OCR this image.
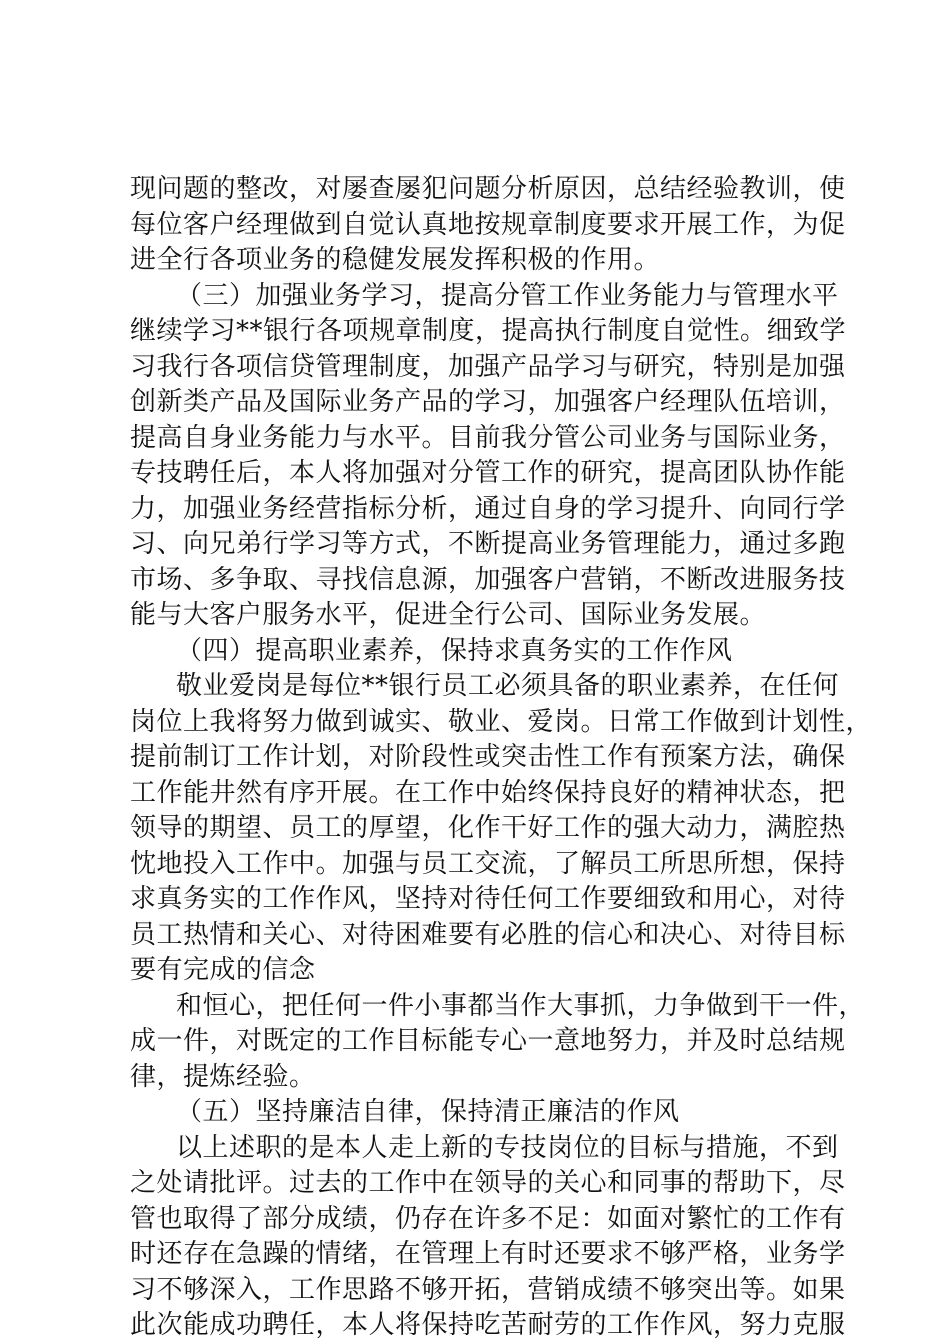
现问题的整改，对屡查屡犯问题分析原因，总结经验教训，使
每位客户经理做到自觉认真地按规章制度要求开展工作，为促
进全行各项业务的稳健发展发挥积极的作用。
（三）加强业务学习，提高分管工作业务能力与管理水平
继续学习**银行各项规章制度，提高执行制度自觉性。细致学
习我行各项信贷管理制度，加强产品学习与研究，特别是加强
创新类产品及国际业务产品的学习，加强客户经理队伍培训，
提高自身业务能力与水平。目前我分管公司业务与国际业务，
专技聘任后，本人将加强对分管工作的研究，提高团队协作能
力，加强业务经营指标分析，通过自身的学习提升、向同行学
习、向兄弟行学习等方式，不断提高业务管理能力，通过多跑
市场、多争取、寻找信息源，加强客户营销，不断改进服务技
能与大客户服务水平，促进全行公司、国际业务发展。
（四）提高职业素养，保持求真务实的工作作风
敬业爱岗是每位**银行员工必须具备的职业素养，在任何
岗位上我将努力做到诚实、敬业、爱岗。日常工作做到计划性，
提前制订工作计划，对阶段性或突击性工作有预案方法，确保
工作能井然有序开展。在工作中始终保持良好的精神状态，把
领导的期望、员工的厚望，化作干好工作的强大动力，满腔热
忱地投入工作中。加强与员工交流，了解员工所思所想，保持
求真务实的工作作风，坚持对待任何工作要细致和用心，对待
员工热情和关心、对待困难要有必胜的信心和决心、对待目标
要有完成的信念
和恒心，把任何一件小事都当作大事抓，力争做到干一件，
成一件，对既定的工作目标能专心一意地努力，并及时总结规
律，提炼经验。
（五）坚持廉洁自律，保持清正廉洁的作风
以上述职的是本人走上新的专技岗位的目标与措施，不到
之处请批评。过去的工作中在领导的关心和同事的帮助下，尽
管也取得了部分成绩，仍存在许多不足：如面对繁忙的工作有
时还存在急躁的情绪，在管理上有时还要求不够严格，业务学
习不够深入，工作思路不够开拓，营销成绩不够突出等。如果
此次能成功聘任，本人将保持吃苦耐劳的工作作风，努力克服
